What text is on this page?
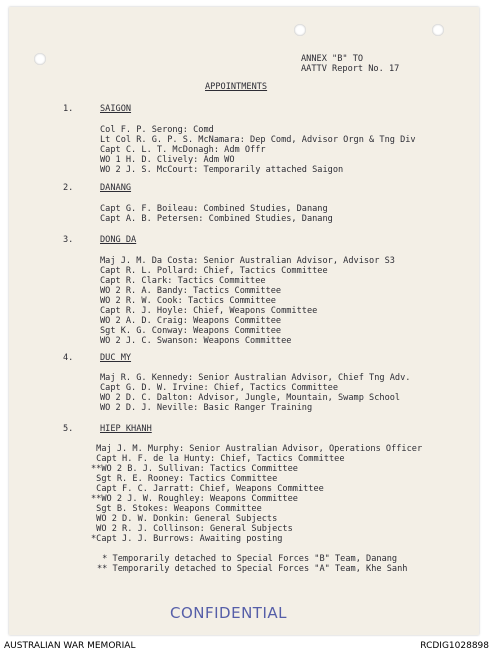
ANNEX "B" TO
AATTV Report No. 17
APPOINTMENTS
1.	SAIGON
Col F. P. Serong: Comd
Lt Col R. G. P. S. McNamara: Dep Comd, Advisor Orgn & Tng Div
Capt C. L. T. McDonagh: Adm Offr
WO 1 H. D. Clively: Adm WO
WO 2 J. S. McCourt: Temporarily attached Saigon
2.	DANANG
Capt G. F. Boileau: Combined Studies, Danang
Capt A. B. Petersen: Combined Studies, Danang
3.	DONG DA
Maj J. M. Da Costa: Senior Australian Advisor, Advisor S3
Capt R. L. Pollard: Chief, Tactics Committee
Capt R. Clark: Tactics Committee
WO 2 R. A. Bandy: Tactics Committee
WO 2 R. W. Cook: Tactics Committee
Capt R. J. Hoyle: Chief, Weapons Committee
WO 2 A. D. Craig: Weapons Committee
Sgt K. G. Conway: Weapons Committee
WO 2 J. C. Swanson: Weapons Committee
4.	DUC MY
Maj R. G. Kennedy: Senior Australian Advisor, Chief Tng Adv.
Capt G. D. W. Irvine: Chief, Tactics Committee
WO 2 D. C. Dalton: Advisor, Jungle, Mountain, Swamp School
WO 2 D. J. Neville: Basic Ranger Training
5.	HIEP KHANH
Maj J. M. Murphy: Senior Australian Advisor, Operations Officer
Capt H. F. de la Hunty: Chief, Tactics Committee
**WO 2 B. J. Sullivan: Tactics Committee
Sgt R. E. Rooney: Tactics Committee
Capt F. C. Jarratt: Chief, Weapons Committee
**WO 2 J. W. Roughley: Weapons Committee
Sgt B. Stokes: Weapons Committee
WO 2 D. W. Donkin: General Subjects
WO 2 R. J. Collinson: General Subjects
*Capt J. J. Burrows: Awaiting posting
* Temporarily detached to Special Forces "B" Team, Danang
** Temporarily detached to Special Forces "A" Team, Khe Sanh
CONFIDENTIAL
AUSTRALIAN WAR MEMORIAL	RCDIG1028898
